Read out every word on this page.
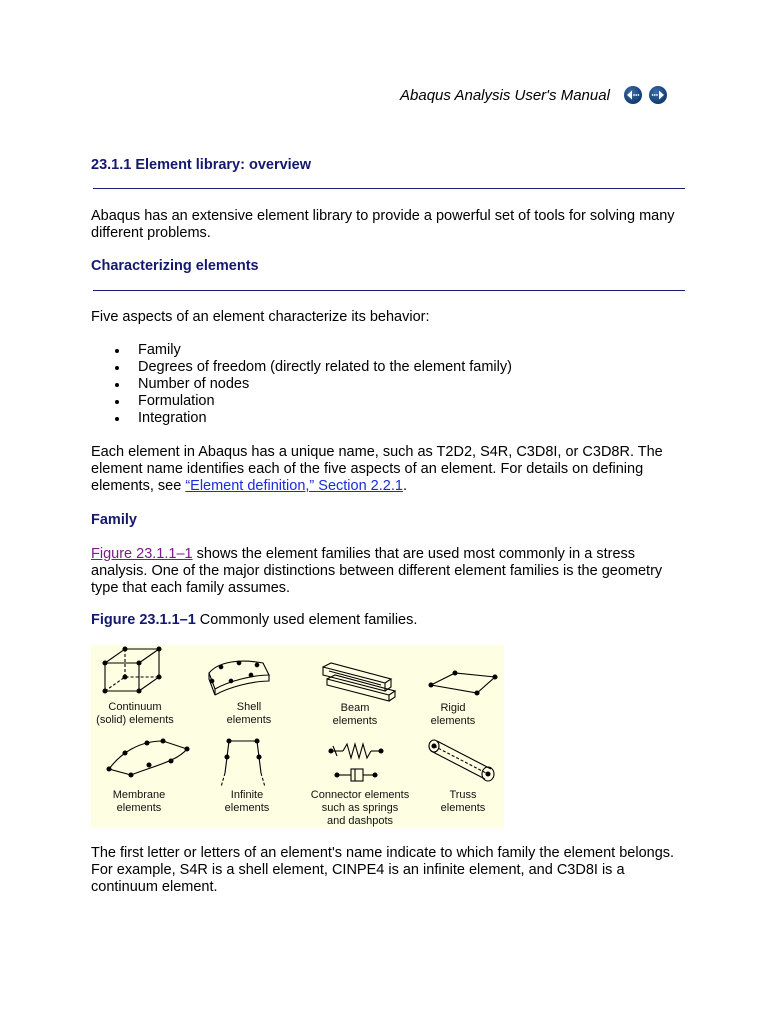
Abaqus Analysis User's Manual
23.1.1 Element library: overview
Abaqus has an extensive element library to provide a powerful set of tools for solving many different problems.
Characterizing elements
Five aspects of an element characterize its behavior:
Family
Degrees of freedom (directly related to the element family)
Number of nodes
Formulation
Integration
Each element in Abaqus has a unique name, such as T2D2, S4R, C3D8I, or C3D8R. The element name identifies each of the five aspects of an element. For details on defining elements, see “Element definition,” Section 2.2.1.
Family
Figure 23.1.1–1 shows the element families that are used most commonly in a stress analysis. One of the major distinctions between different element families is the geometry type that each family assumes.
Figure 23.1.1–1 Commonly used element families.
Continuum
(solid) elements
Shell
elements
Beam
elements
Rigid
elements
Membrane
elements
Infinite
elements
Connector elements
such as springs
and dashpots
Truss
elements
The first letter or letters of an element's name indicate to which family the element belongs. For example, S4R is a shell element, CINPE4 is an infinite element, and C3D8I is a continuum element.
